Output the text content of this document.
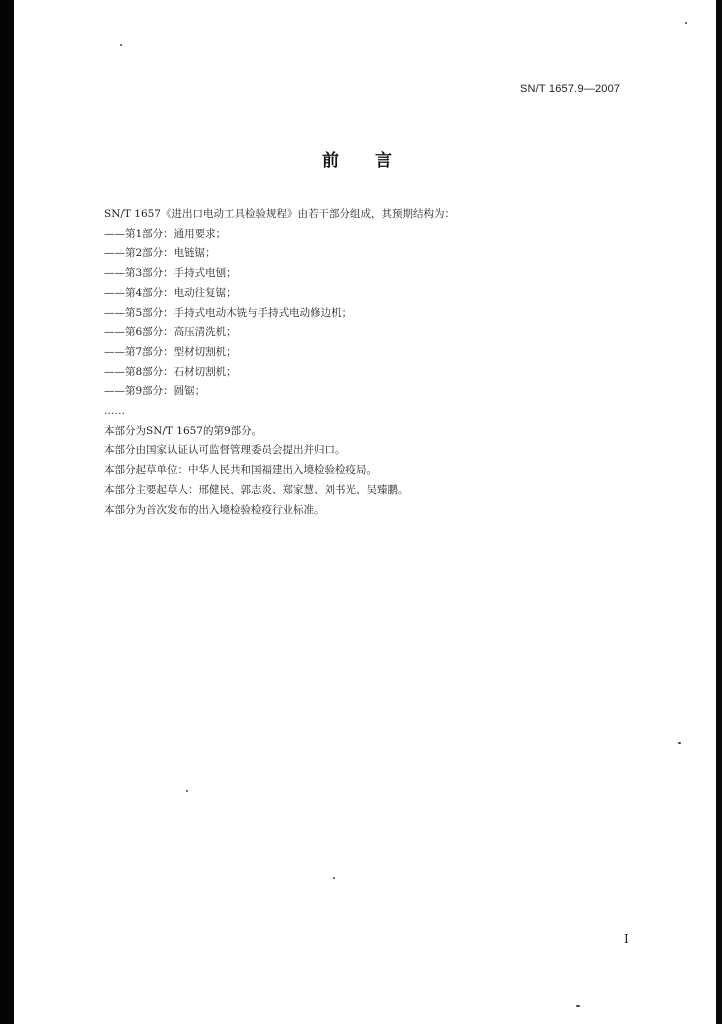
SN/T 1657.9—2007
前言
SN/T 1657《进出口电动工具检验规程》由若干部分组成，其预期结构为：
——第1部分：通用要求；
——第2部分：电链锯；
——第3部分：手持式电刨；
——第4部分：电动往复锯；
——第5部分：手持式电动木铣与手持式电动修边机；
——第6部分：高压清洗机；
——第7部分：型材切割机；
——第8部分：石材切割机；
——第9部分：圆锯；
……
本部分为SN/T 1657的第9部分。
本部分由国家认证认可监督管理委员会提出并归口。
本部分起草单位：中华人民共和国福建出入境检验检疫局。
本部分主要起草人：邢健民、郭志炎、郑家慧、刘书光、吴臻鹏。
本部分为首次发布的出入境检验检疫行业标准。
I
